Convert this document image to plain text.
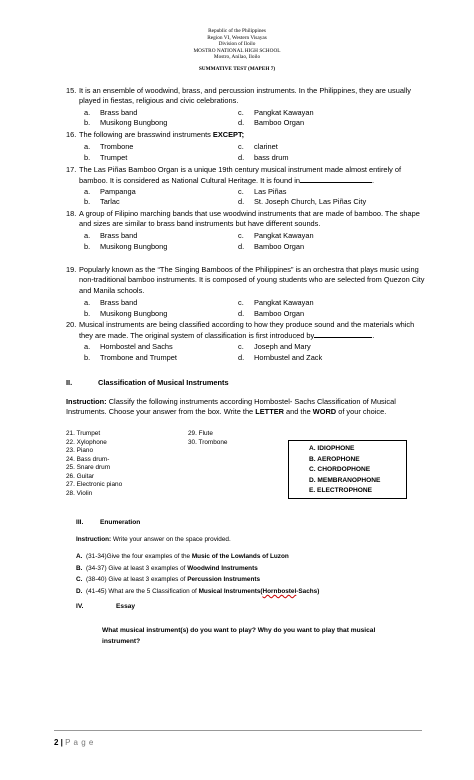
Republic of the Philippines
Region VI, Western Visayas
Division of Iloilo
MOSTRO NATIONAL HIGH SCHOOL
Mostro, Anilao, Iloilo
SUMMATIVE TEST (MAPEH 7)
15. It is an ensemble of woodwind, brass, and percussion instruments. In the Philippines, they are usually played in fiestas, religious and civic celebrations.
a. Brass band	c. Pangkat Kawayan
b. Musikong Bungbong	d. Bamboo Organ
16. The following are brasswind instruments EXCEPT;
a. Trombone	c. clarinet
b. Trumpet	d. bass drum
17. The Las Piñas Bamboo Organ is a unique 19th century musical instrument made almost entirely of bamboo. It is considered as National Cultural Heritage. It is found in	.
a. Pampanga	c. Las Piñas
b. Tarlac	d. St. Joseph Church, Las Piñas City
18. A group of Filipino marching bands that use woodwind instruments that are made of bamboo. The shape and sizes are similar to brass band instruments but have different sounds.
a. Brass band	c. Pangkat Kawayan
b. Musikong Bungbong	d. Bamboo Organ
19. Popularly known as the “The Singing Bamboos of the Philippines” is an orchestra that plays music using non-traditional bamboo instruments. It is composed of young students who are selected from Quezon City and Manila schools.
a. Brass band	c. Pangkat Kawayan
b. Musikong Bungbong	d. Bamboo Organ
20. Musical instruments are being classified according to how they produce sound and the materials which they are made. The original system of classification is first introduced by	.
a. Hornbostel and Sachs	c. Joseph and Mary
b. Trombone and Trumpet	d. Hornbustel and Zack
II.	Classification of Musical Instruments
Instruction: Classify the following instruments according Hornbostel- Sachs Classification of Musical Instruments. Choose your answer from the box. Write the LETTER and the WORD of your choice.
21. Trumpet
22. Xylophone
23. Piano
24. Bass drum-
25. Snare drum
26. Guitar
27. Electronic piano
28. Violin
29. Flute
30. Trombone
A. IDIOPHONE
B. AEROPHONE
C. CHORDOPHONE
D. MEMBRANOPHONE
E. ELECTROPHONE
III.	Enumeration
Instruction: Write your answer on the space provided.
A. (31-34)Give the four examples of the Music of the Lowlands of Luzon
B. (34-37) Give at least 3 examples of Woodwind Instruments
C. (38-40) Give at least 3 examples of Percussion Instruments
D. (41-45) What are the 5 Classification of Musical Instruments(Hornbostel-Sachs)
IV.	Essay
What musical instrument(s) do you want to play? Why do you want to play that musical instrument?
2 | P a g e
